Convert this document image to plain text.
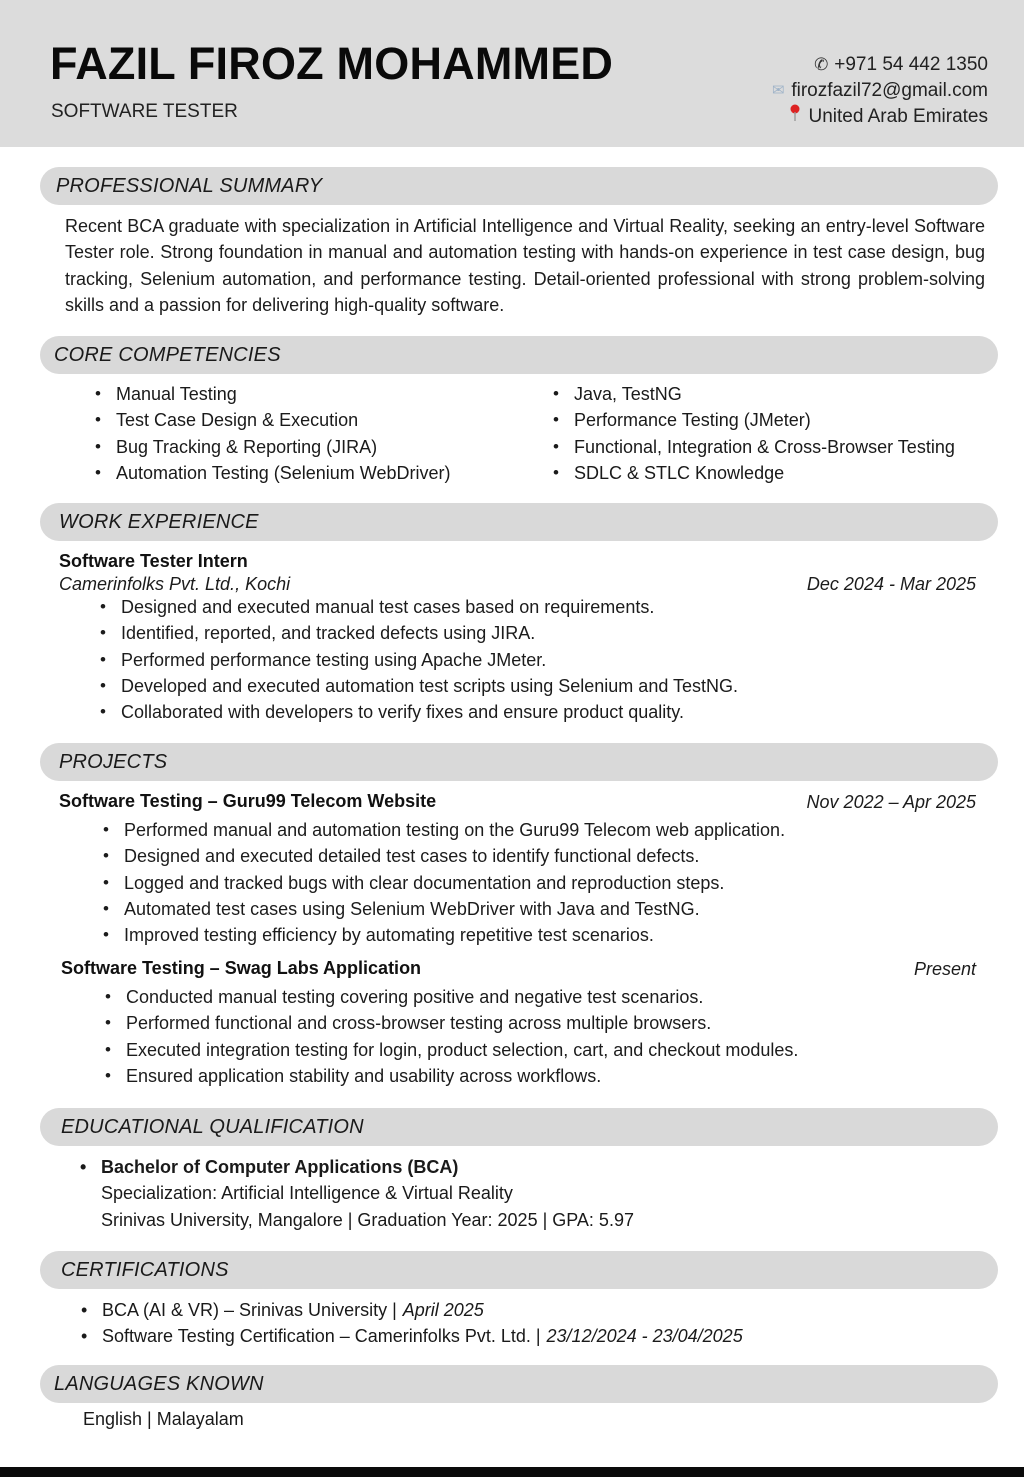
FAZIL FIROZ MOHAMMED
SOFTWARE TESTER
✆ +971 54 442 1350
✉ firozfazil72@gmail.com
United Arab Emirates
PROFESSIONAL SUMMARY

Recent BCA graduate with specialization in Artificial Intelligence and Virtual Reality, seeking an entry-level Software Tester role. Strong foundation in manual and automation testing with hands-on experience in test case design, bug tracking, Selenium automation, and performance testing. Detail-oriented professional with strong problem-solving skills and a passion for delivering high-quality software.

CORE COMPETENCIES
• Manual Testing
• Test Case Design & Execution
• Bug Tracking & Reporting (JIRA)
• Automation Testing (Selenium WebDriver)
• Java, TestNG
• Performance Testing (JMeter)
• Functional, Integration & Cross-Browser Testing
• SDLC & STLC Knowledge
WORK EXPERIENCE
Software Tester Intern
Camerinfolks Pvt. Ltd., Kochi	Dec 2024 - Mar 2025
• Designed and executed manual test cases based on requirements.
• Identified, reported, and tracked defects using JIRA.
• Performed performance testing using Apache JMeter.
• Developed and executed automation test scripts using Selenium and TestNG.
• Collaborated with developers to verify fixes and ensure product quality.
PROJECTS
Software Testing – Guru99 Telecom Website	Nov 2022 – Apr 2025
• Performed manual and automation testing on the Guru99 Telecom web application.
• Designed and executed detailed test cases to identify functional defects.
• Logged and tracked bugs with clear documentation and reproduction steps.
• Automated test cases using Selenium WebDriver with Java and TestNG.
• Improved testing efficiency by automating repetitive test scenarios.
Software Testing – Swag Labs Application	Present
• Conducted manual testing covering positive and negative test scenarios.
• Performed functional and cross-browser testing across multiple browsers.
• Executed integration testing for login, product selection, cart, and checkout modules.
• Ensured application stability and usability across workflows.
EDUCATIONAL QUALIFICATION
• Bachelor of Computer Applications (BCA)
Specialization: Artificial Intelligence & Virtual Reality
Srinivas University, Mangalore | Graduation Year: 2025 | GPA: 5.97
CERTIFICATIONS
• BCA (AI & VR) – Srinivas University | April 2025
• Software Testing Certification – Camerinfolks Pvt. Ltd. | 23/12/2024 - 23/04/2025
LANGUAGES KNOWN
English | Malayalam
